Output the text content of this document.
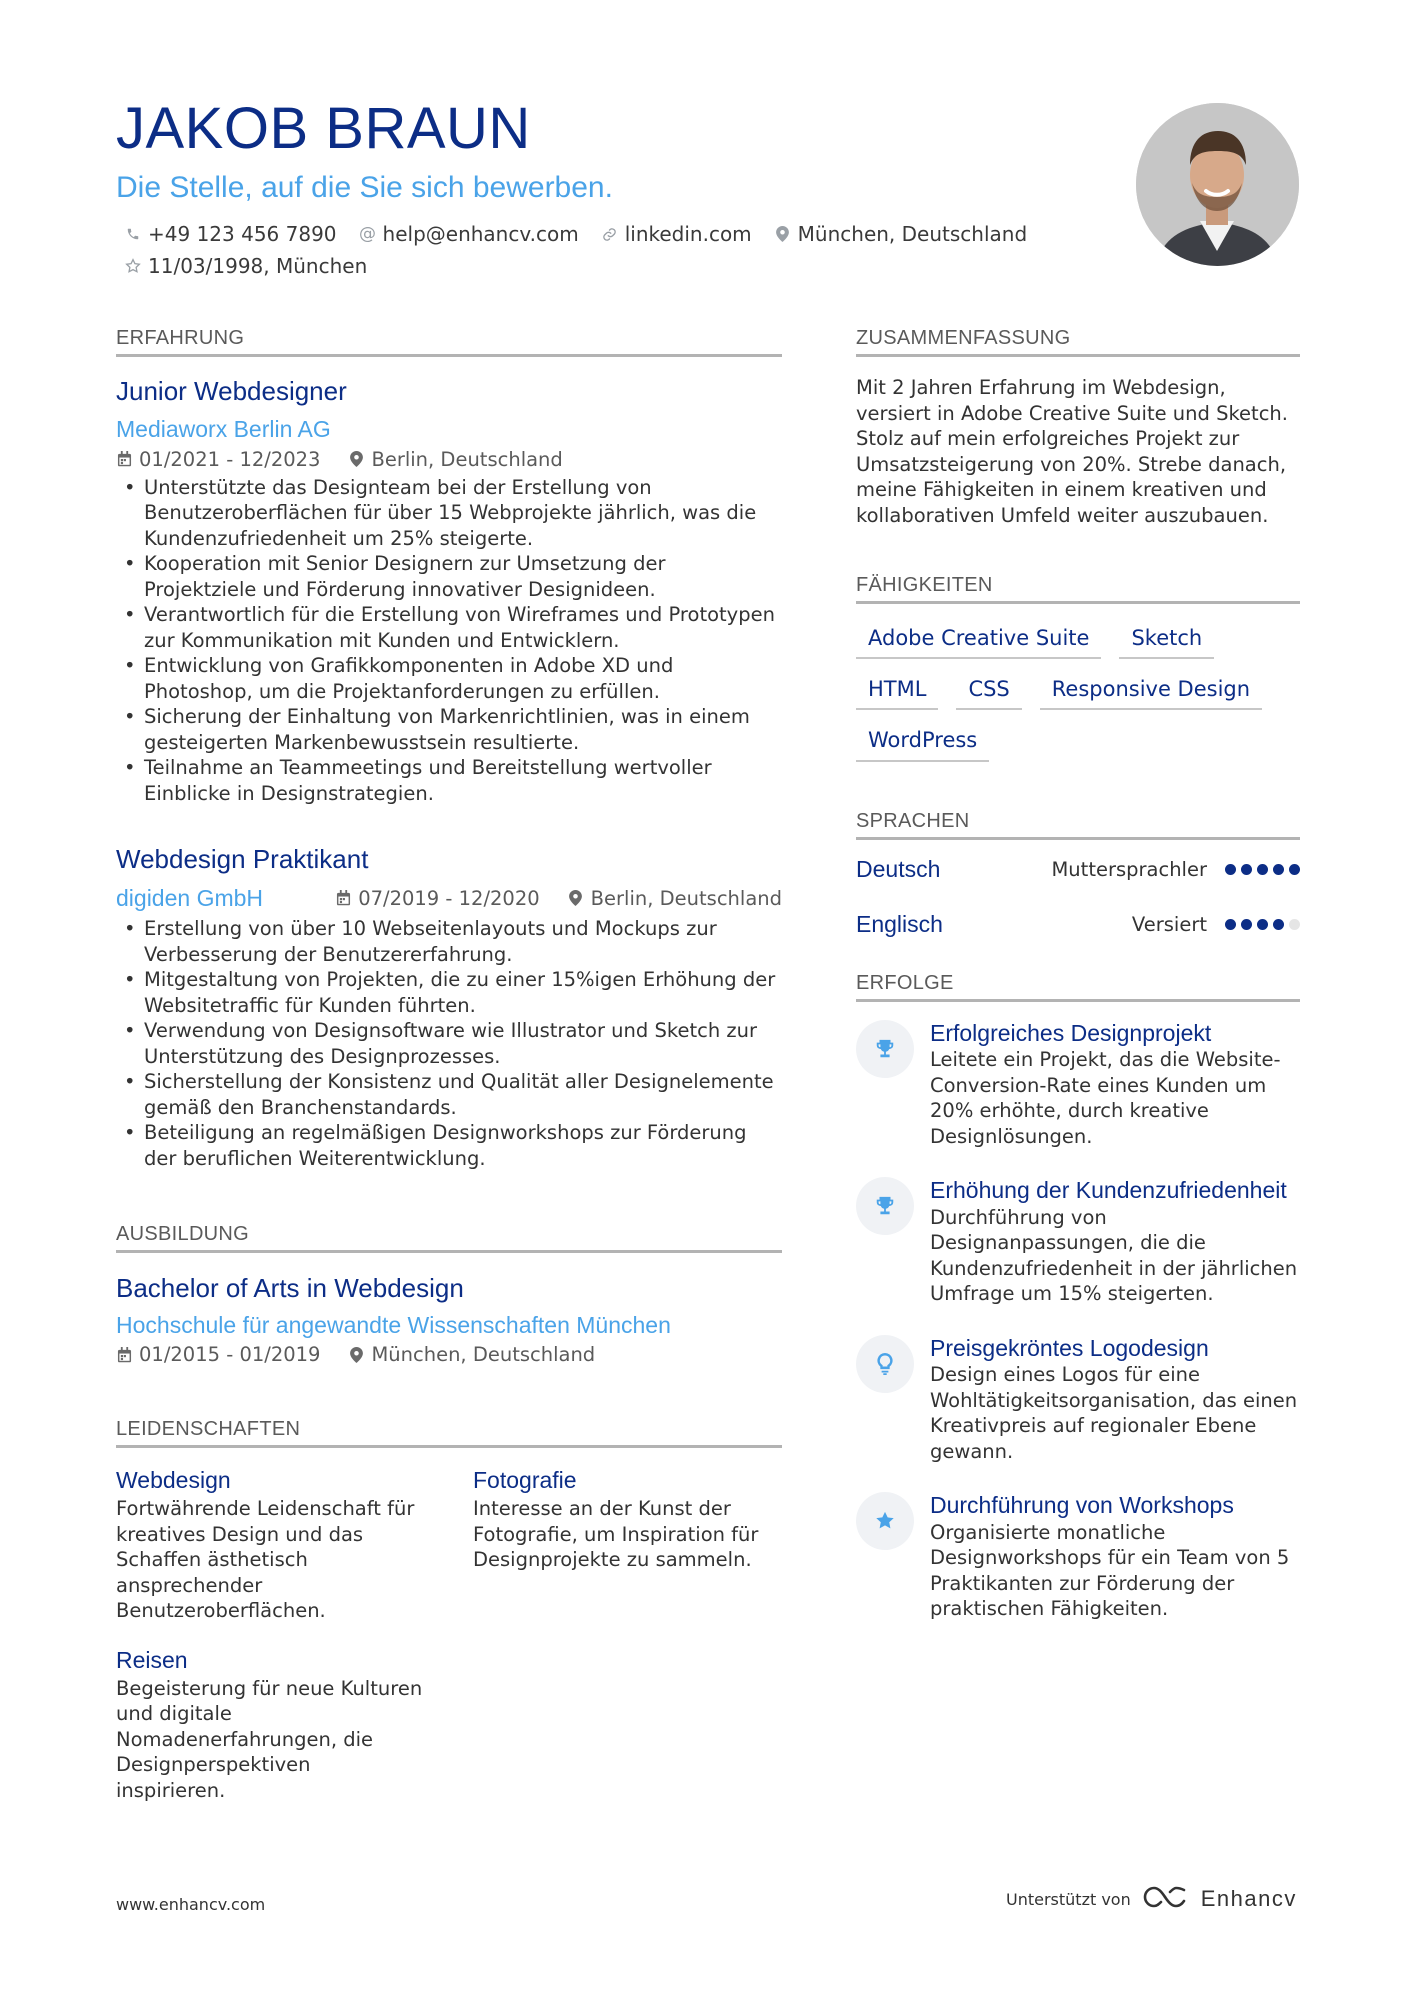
JAKOB BRAUN
Die Stelle, auf die Sie sich bewerben.
+49 123 456 7890 @ help@enhancv.com linkedin.com München, Deutschland
11/03/1998, München
ERFAHRUNG
Junior Webdesigner
Mediaworx Berlin AG
01/2021 - 12/2023	Berlin, Deutschland
• Unterstützte das Designteam bei der Erstellung von Benutzeroberflächen für über 15 Webprojekte jährlich, was die Kundenzufriedenheit um 25% steigerte.
• Kooperation mit Senior Designern zur Umsetzung der Projektziele und Förderung innovativer Designideen.
• Verantwortlich für die Erstellung von Wireframes und Prototypen zur Kommunikation mit Kunden und Entwicklern.
• Entwicklung von Grafikkomponenten in Adobe XD und Photoshop, um die Projektanforderungen zu erfüllen.
• Sicherung der Einhaltung von Markenrichtlinien, was in einem gesteigerten Markenbewusstsein resultierte.
• Teilnahme an Teammeetings und Bereitstellung wertvoller Einblicke in Designstrategien.
Webdesign Praktikant
digiden GmbH	07/2019 - 12/2020	Berlin, Deutschland
• Erstellung von über 10 Webseitenlayouts und Mockups zur Verbesserung der Benutzererfahrung.
• Mitgestaltung von Projekten, die zu einer 15%igen Erhöhung der Websitetraffic für Kunden führten.
• Verwendung von Designsoftware wie Illustrator und Sketch zur Unterstützung des Designprozesses.
• Sicherstellung der Konsistenz und Qualität aller Designelemente gemäß den Branchenstandards.
• Beteiligung an regelmäßigen Designworkshops zur Förderung der beruflichen Weiterentwicklung.
AUSBILDUNG
Bachelor of Arts in Webdesign
Hochschule für angewandte Wissenschaften München
01/2015 - 01/2019	München, Deutschland
LEIDENSCHAFTEN
Webdesign
Fortwährende Leidenschaft für kreatives Design und das Schaffen ästhetisch ansprechender Benutzeroberflächen.
Fotografie
Interesse an der Kunst der Fotografie, um Inspiration für Designprojekte zu sammeln.
Reisen
Begeisterung für neue Kulturen und digitale Nomadenerfahrungen, die Designperspektiven inspirieren.
ZUSAMMENFASSUNG
Mit 2 Jahren Erfahrung im Webdesign, versiert in Adobe Creative Suite und Sketch. Stolz auf mein erfolgreiches Projekt zur Umsatzsteigerung von 20%. Strebe danach, meine Fähigkeiten in einem kreativen und kollaborativen Umfeld weiter auszubauen.
FÄHIGKEITEN
Adobe Creative Suite	Sketch
HTML	CSS	Responsive Design
WordPress
SPRACHEN
Deutsch	Muttersprachler
Englisch	Versiert
ERFOLGE
Erfolgreiches Designprojekt
Leitete ein Projekt, das die Website-Conversion-Rate eines Kunden um 20% erhöhte, durch kreative Designlösungen.
Erhöhung der Kundenzufriedenheit
Durchführung von Designanpassungen, die die Kundenzufriedenheit in der jährlichen Umfrage um 15% steigerten.
Preisgekröntes Logodesign
Design eines Logos für eine Wohltätigkeitsorganisation, das einen Kreativpreis auf regionaler Ebene gewann.
Durchführung von Workshops
Organisierte monatliche Designworkshops für ein Team von 5 Praktikanten zur Förderung der praktischen Fähigkeiten.
www.enhancv.com	Unterstützt von	Enhancv
